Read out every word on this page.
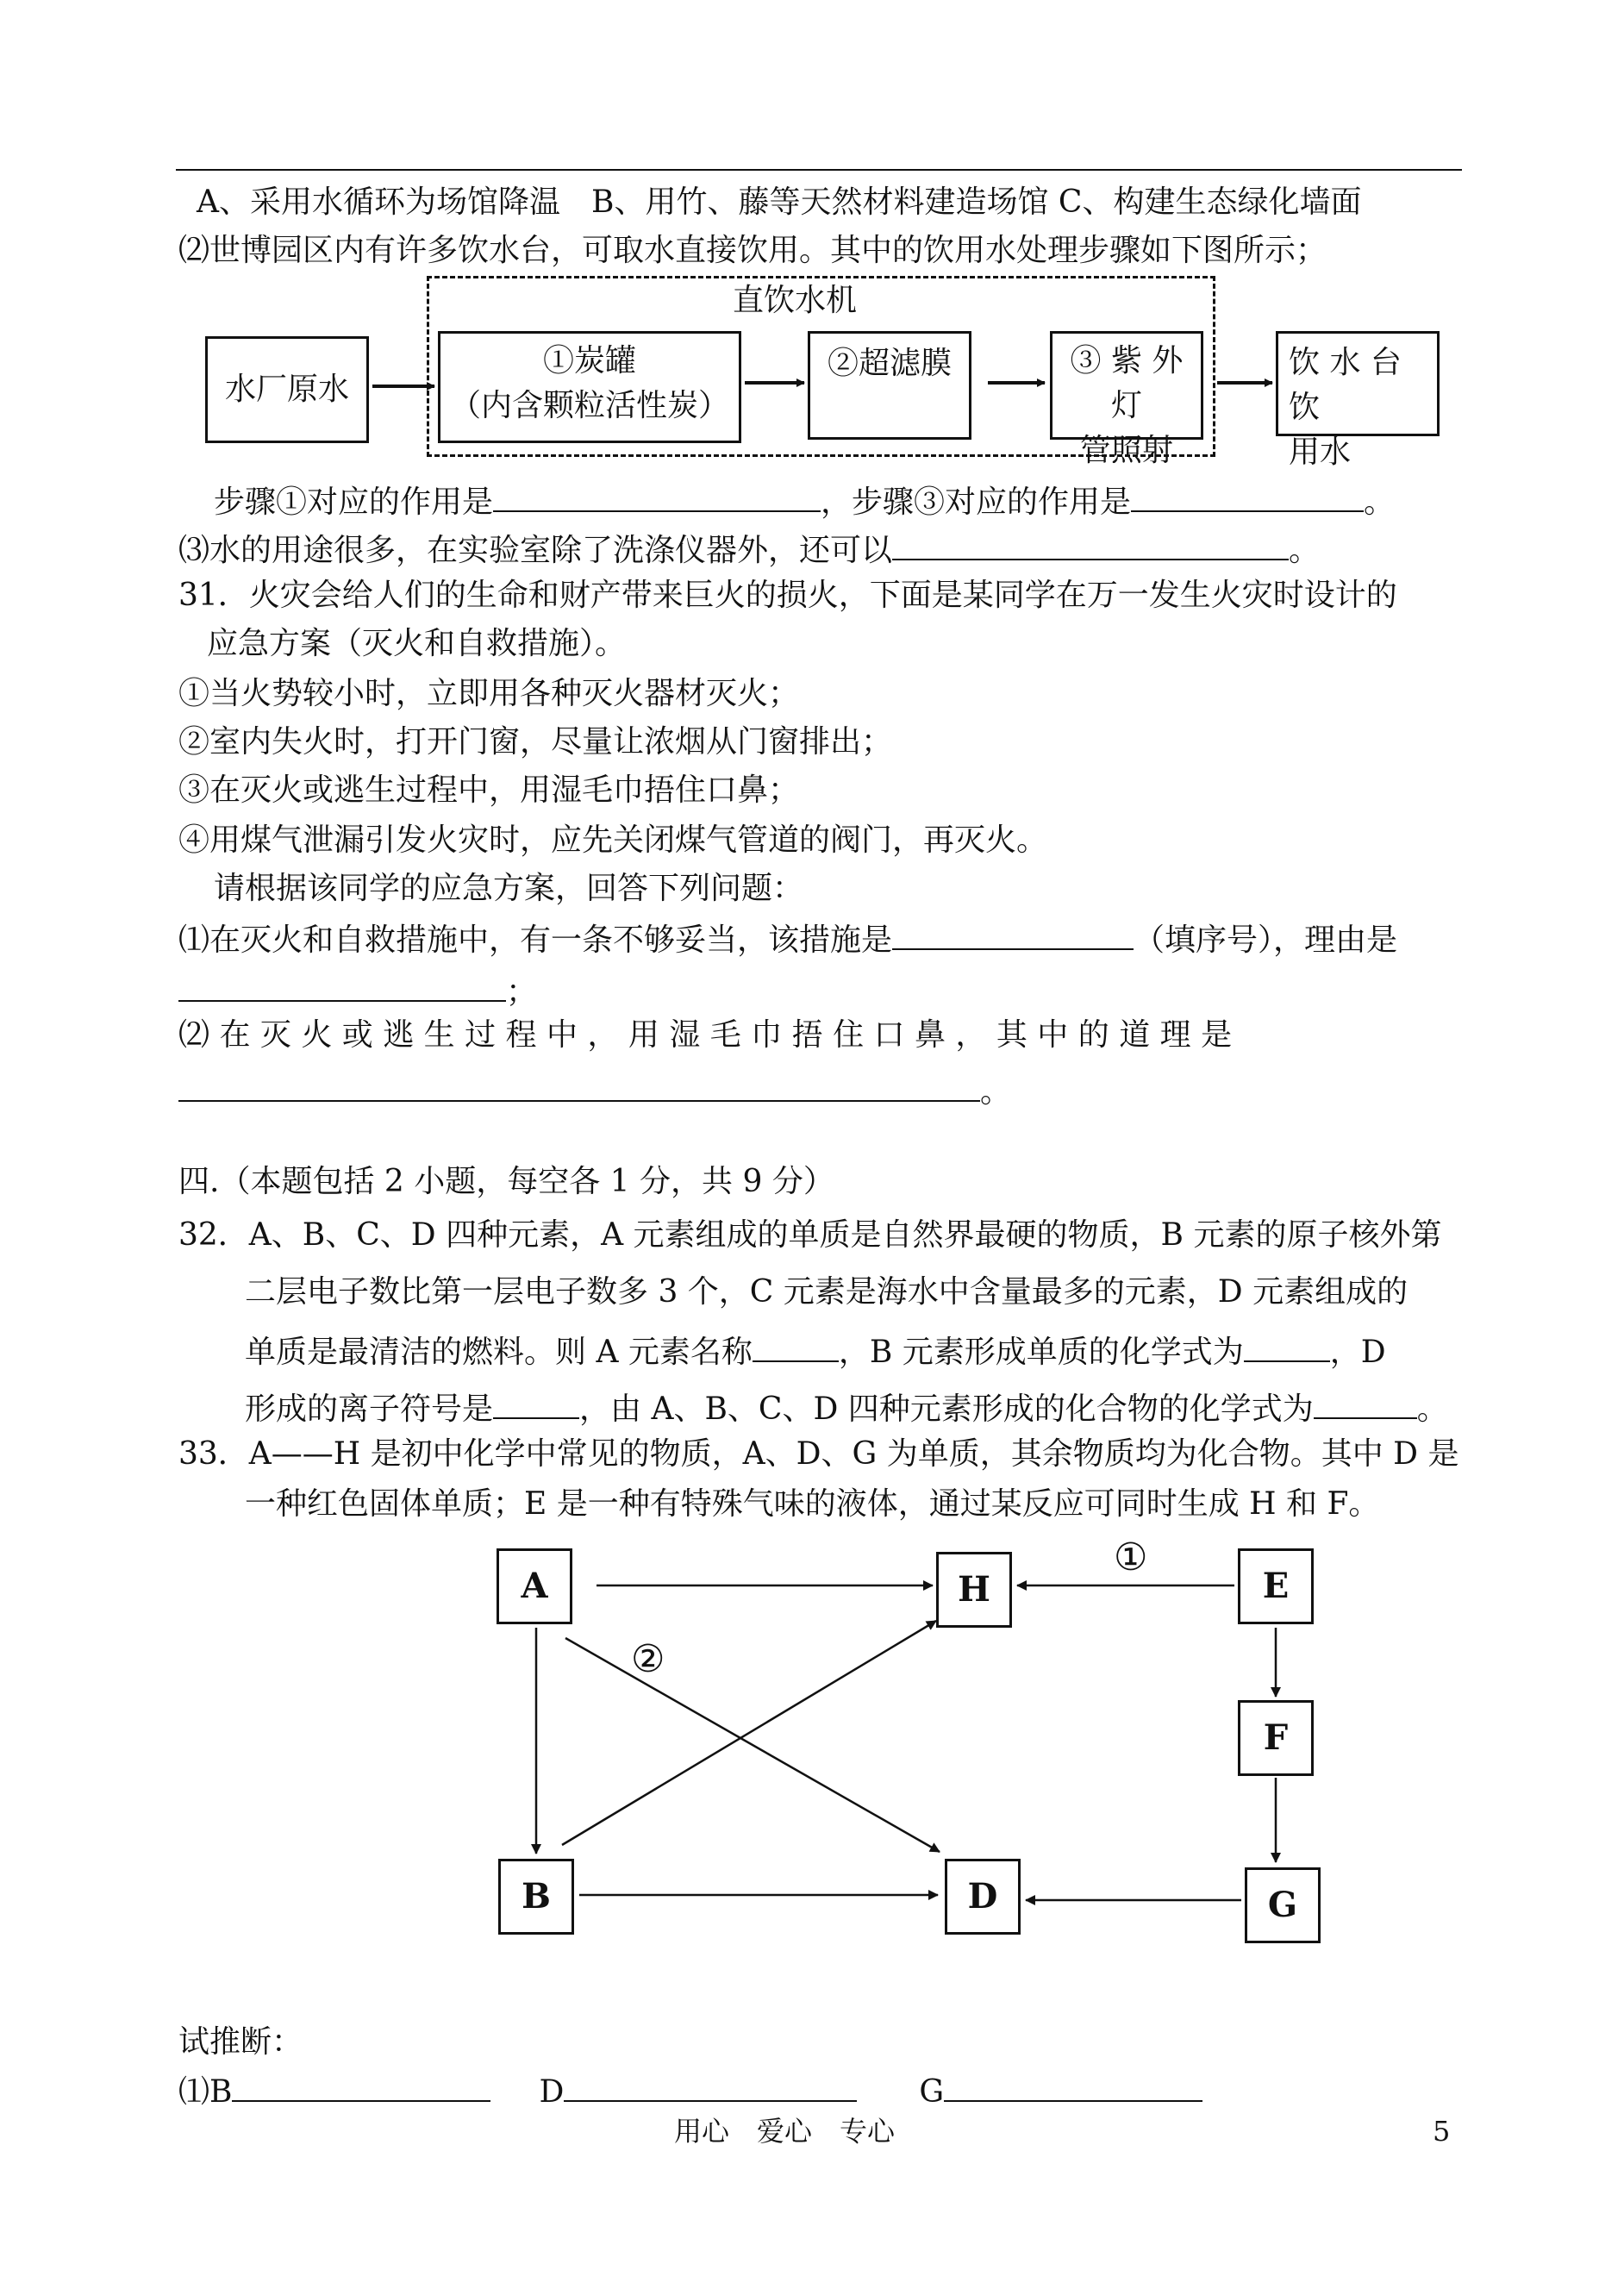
A、采用水循环为场馆降温　B、用竹、藤等天然材料建造场馆 C、构建生态绿化墙面
⑵世博园区内有许多饮水台，可取水直接饮用。其中的饮用水处理步骤如下图所示；
直饮水机
水厂原水
①炭罐
（内含颗粒活性炭）
②超滤膜	③ 紫 外 灯
管照射
饮 水 台 饮
用水
步骤①对应的作用是	，步骤③对应的作用是	。
⑶水的用途很多，在实验室除了洗涤仪器外，还可以	。
31．火灾会给人们的生命和财产带来巨火的损火，下面是某同学在万一发生火灾时设计的
应急方案（灭火和自救措施）。
①当火势较小时，立即用各种灭火器材灭火；
②室内失火时，打开门窗，尽量让浓烟从门窗排出；
③在灭火或逃生过程中，用湿毛巾捂住口鼻；
④用煤气泄漏引发火灾时，应先关闭煤气管道的阀门，再灭火。
请根据该同学的应急方案，回答下列问题：
⑴在灭火和自救措施中，有一条不够妥当，该措施是	（填序号），理由是
；
⑵ 在 灭 火 或 逃 生 过 程 中 ， 用 湿 毛 巾 捂 住 口 鼻 ， 其 中 的 道 理 是
。
四.（本题包括 2 小题，每空各 1 分，共 9 分）
32．A、B、C、D 四种元素，A 元素组成的单质是自然界最硬的物质，B 元素的原子核外第
二层电子数比第一层电子数多 3 个，C 元素是海水中含量最多的元素，D 元素组成的
单质是最清洁的燃料。则 A 元素名称	，B 元素形成单质的化学式为	，D
形成的离子符号是	，由 A、B、C、D 四种元素形成的化合物的化学式为	。
33．A——H 是初中化学中常见的物质，A、D、G 为单质，其余物质均为化合物。其中 D 是
一种红色固体单质；E 是一种有特殊气味的液体，通过某反应可同时生成 H 和 F。
A	H	E
F
B	D	G
①
②
试推断：
⑴B	D	G
用心　爱心　专心	5
